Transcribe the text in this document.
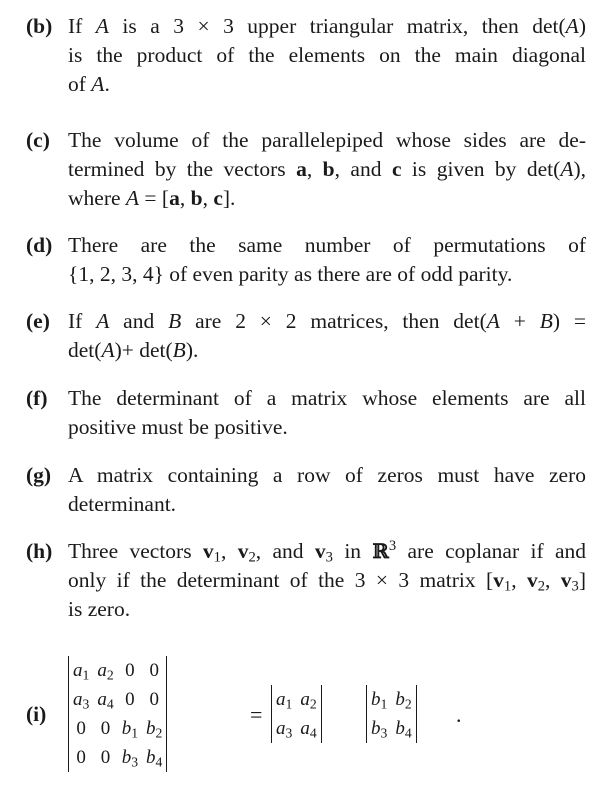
(b) If A is a 3 × 3 upper triangular matrix, then det(A)
is the product of the elements on the main diagonal
of A.
(c) The volume of the parallelepiped whose sides are de-
termined by the vectors a, b, and c is given by det(A),
where A = [a, b, c].
(d) There are the same number of permutations of
{1, 2, 3, 4} of even parity as there are of odd parity.
(e) If A and B are 2 × 2 matrices, then det(A + B) =
det(A)+ det(B).
(f) The determinant of a matrix whose elements are all
positive must be positive.
(g) A matrix containing a row of zeros must have zero
determinant.
(h) Three vectors $v_1$, $v_2$, and $v_3$ in ℝ$^3$ are coplanar if and
only if the determinant of the 3 × 3 matrix [$v_1$, $v_2$, $v_3$]
is zero.
(i)
$a_1$	$a_2$	0	0
$a_3$	$a_4$	0	0
0	0	$b_1$	$b_2$
0	0	$b_3$	$b_4$
=
$a_1$	$a_2$
$a_3$	$a_4$
$b_1$	$b_2$
$b_3$	$b_4$
.
